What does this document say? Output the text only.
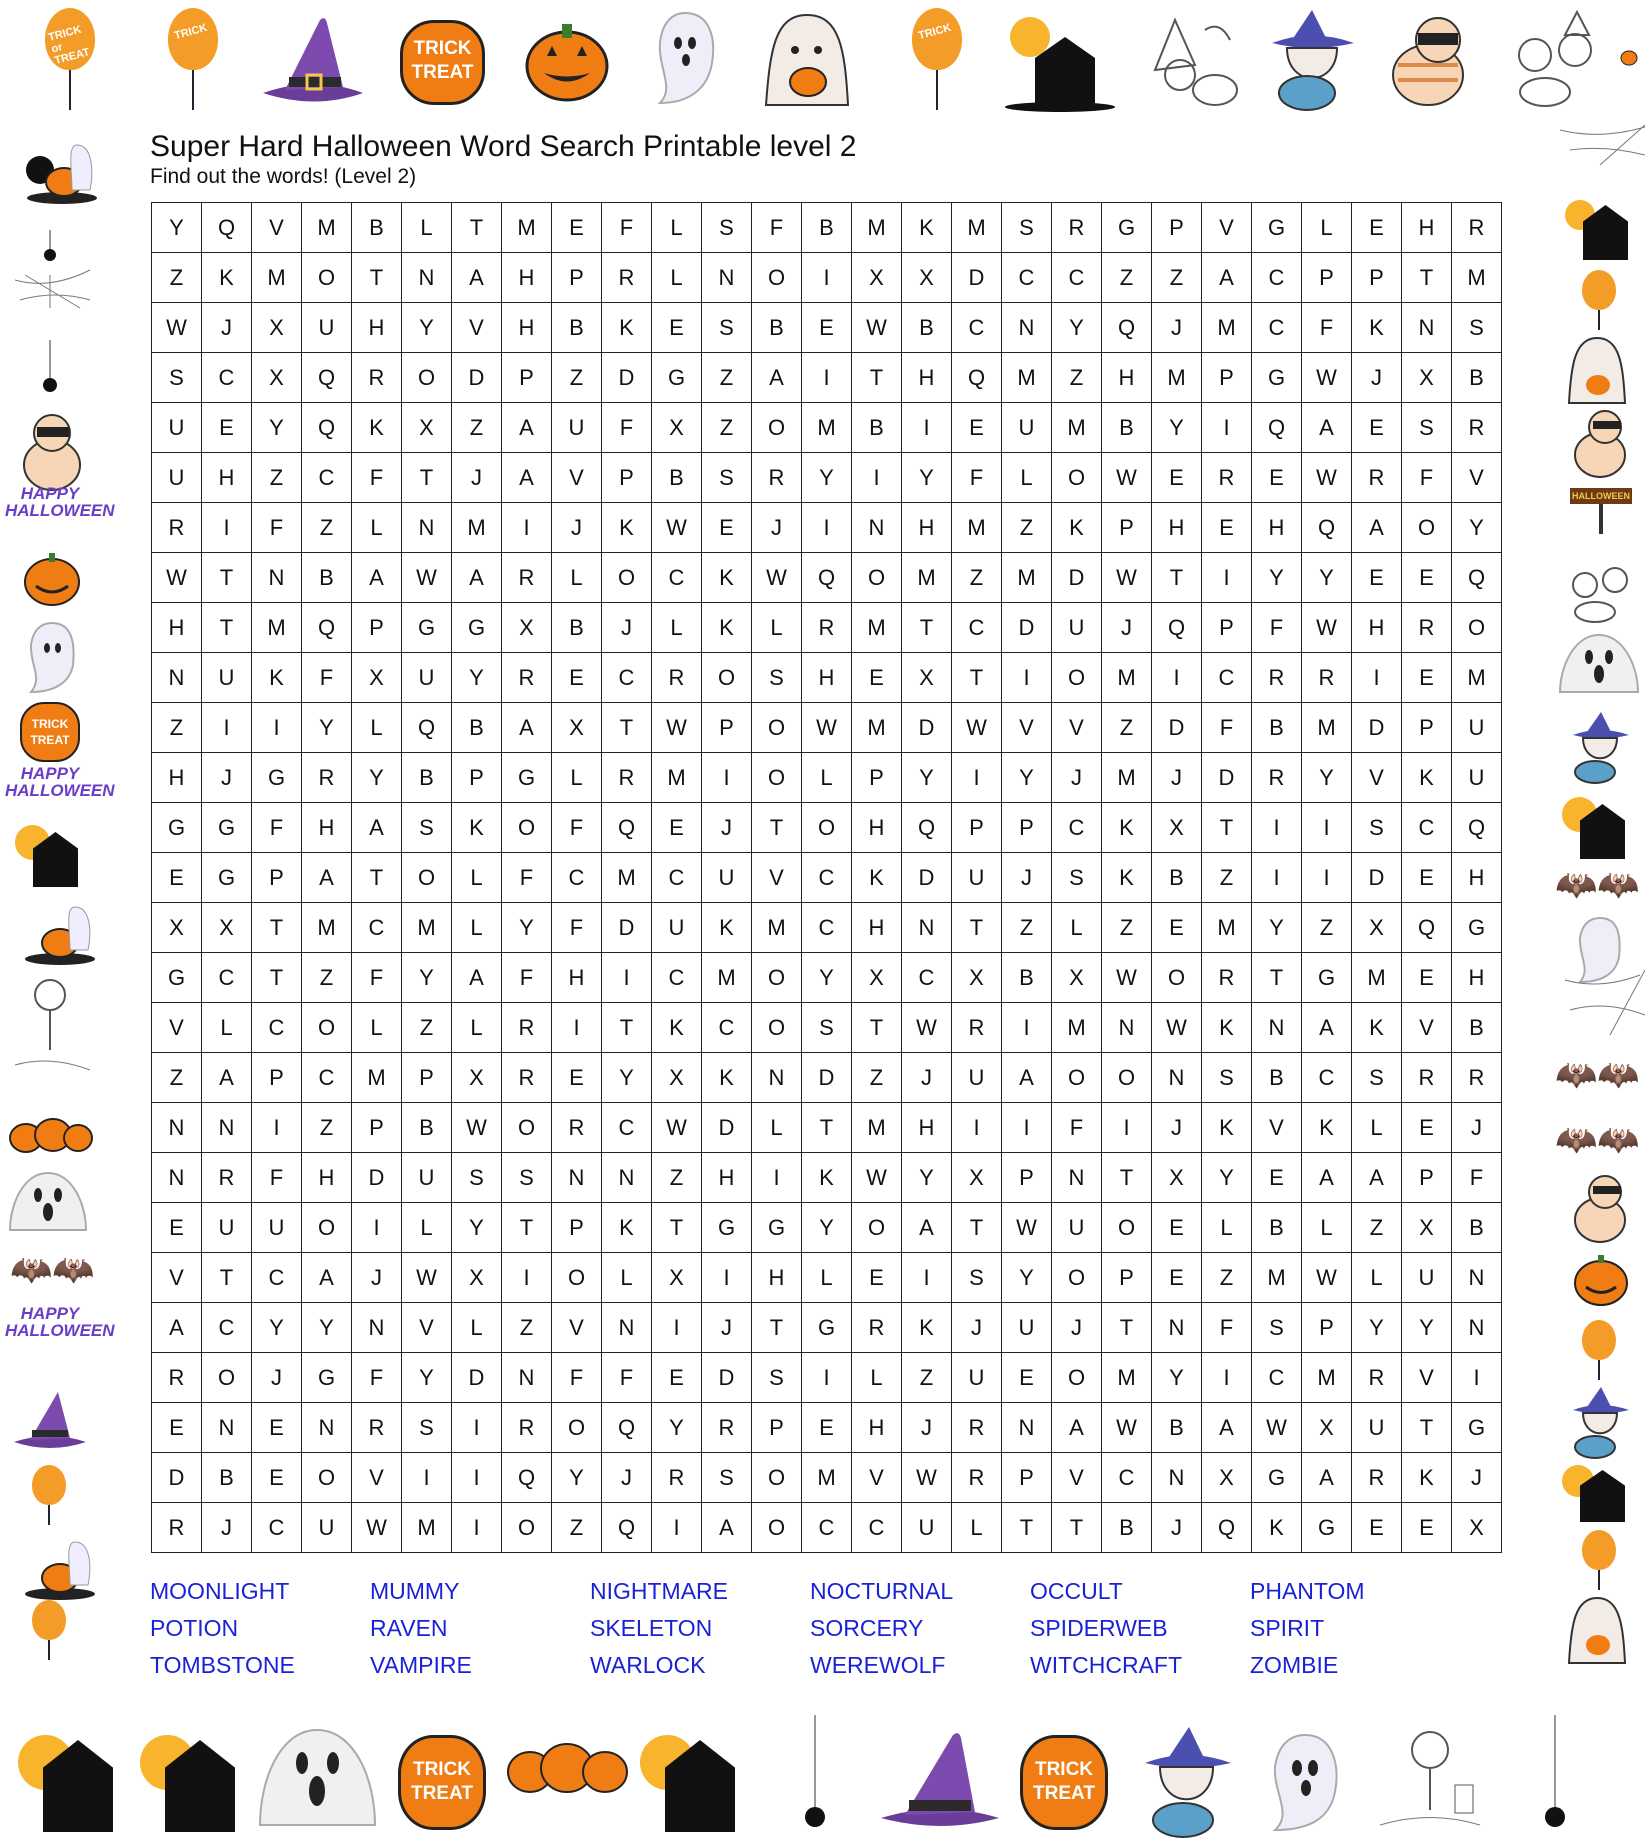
TRICK or TREAT
TRICK
TRICK
TREAT
TRICK
HAPPY
HALLOWEEN
TRICK
TREAT
HAPPY
HALLOWEEN
🦇🦇
HAPPY
HALLOWEEN
HALLOWEEN
🦇🦇
🦇🦇
🦇🦇
TRICK
TREAT
TRICK
TREAT
Super Hard Halloween Word Search Printable level 2
Find out the words! (Level 2)
Y	Q	V	M	B	L	T	M	E	F	L	S	F	B	M	K	M	S	R	G	P	V	G	L	E	H	R
Z	K	M	O	T	N	A	H	P	R	L	N	O	I	X	X	D	C	C	Z	Z	A	C	P	P	T	M
W	J	X	U	H	Y	V	H	B	K	E	S	B	E	W	B	C	N	Y	Q	J	M	C	F	K	N	S
S	C	X	Q	R	O	D	P	Z	D	G	Z	A	I	T	H	Q	M	Z	H	M	P	G	W	J	X	B
U	E	Y	Q	K	X	Z	A	U	F	X	Z	O	M	B	I	E	U	M	B	Y	I	Q	A	E	S	R
U	H	Z	C	F	T	J	A	V	P	B	S	R	Y	I	Y	F	L	O	W	E	R	E	W	R	F	V
R	I	F	Z	L	N	M	I	J	K	W	E	J	I	N	H	M	Z	K	P	H	E	H	Q	A	O	Y
W	T	N	B	A	W	A	R	L	O	C	K	W	Q	O	M	Z	M	D	W	T	I	Y	Y	E	E	Q
H	T	M	Q	P	G	G	X	B	J	L	K	L	R	M	T	C	D	U	J	Q	P	F	W	H	R	O
N	U	K	F	X	U	Y	R	E	C	R	O	S	H	E	X	T	I	O	M	I	C	R	R	I	E	M
Z	I	I	Y	L	Q	B	A	X	T	W	P	O	W	M	D	W	V	V	Z	D	F	B	M	D	P	U
H	J	G	R	Y	B	P	G	L	R	M	I	O	L	P	Y	I	Y	J	M	J	D	R	Y	V	K	U
G	G	F	H	A	S	K	O	F	Q	E	J	T	O	H	Q	P	P	C	K	X	T	I	I	S	C	Q
E	G	P	A	T	O	L	F	C	M	C	U	V	C	K	D	U	J	S	K	B	Z	I	I	D	E	H
X	X	T	M	C	M	L	Y	F	D	U	K	M	C	H	N	T	Z	L	Z	E	M	Y	Z	X	Q	G
G	C	T	Z	F	Y	A	F	H	I	C	M	O	Y	X	C	X	B	X	W	O	R	T	G	M	E	H
V	L	C	O	L	Z	L	R	I	T	K	C	O	S	T	W	R	I	M	N	W	K	N	A	K	V	B
Z	A	P	C	M	P	X	R	E	Y	X	K	N	D	Z	J	U	A	O	O	N	S	B	C	S	R	R
N	N	I	Z	P	B	W	O	R	C	W	D	L	T	M	H	I	I	F	I	J	K	V	K	L	E	J
N	R	F	H	D	U	S	S	N	N	Z	H	I	K	W	Y	X	P	N	T	X	Y	E	A	A	P	F
E	U	U	O	I	L	Y	T	P	K	T	G	G	Y	O	A	T	W	U	O	E	L	B	L	Z	X	B
V	T	C	A	J	W	X	I	O	L	X	I	H	L	E	I	S	Y	O	P	E	Z	M	W	L	U	N
A	C	Y	Y	N	V	L	Z	V	N	I	J	T	G	R	K	J	U	J	T	N	F	S	P	Y	Y	N
R	O	J	G	F	Y	D	N	F	F	E	D	S	I	L	Z	U	E	O	M	Y	I	C	M	R	V	I
E	N	E	N	R	S	I	R	O	Q	Y	R	P	E	H	J	R	N	A	W	B	A	W	X	U	T	G
D	B	E	O	V	I	I	Q	Y	J	R	S	O	M	V	W	R	P	V	C	N	X	G	A	R	K	J
R	J	C	U	W	M	I	O	Z	Q	I	A	O	C	C	U	L	T	T	B	J	Q	K	G	E	E	X
MOONLIGHT	MUMMY	NIGHTMARE	NOCTURNAL	OCCULT	PHANTOM
POTION	RAVEN	SKELETON	SORCERY	SPIDERWEB	SPIRIT
TOMBSTONE	VAMPIRE	WARLOCK	WEREWOLF	WITCHCRAFT	ZOMBIE
